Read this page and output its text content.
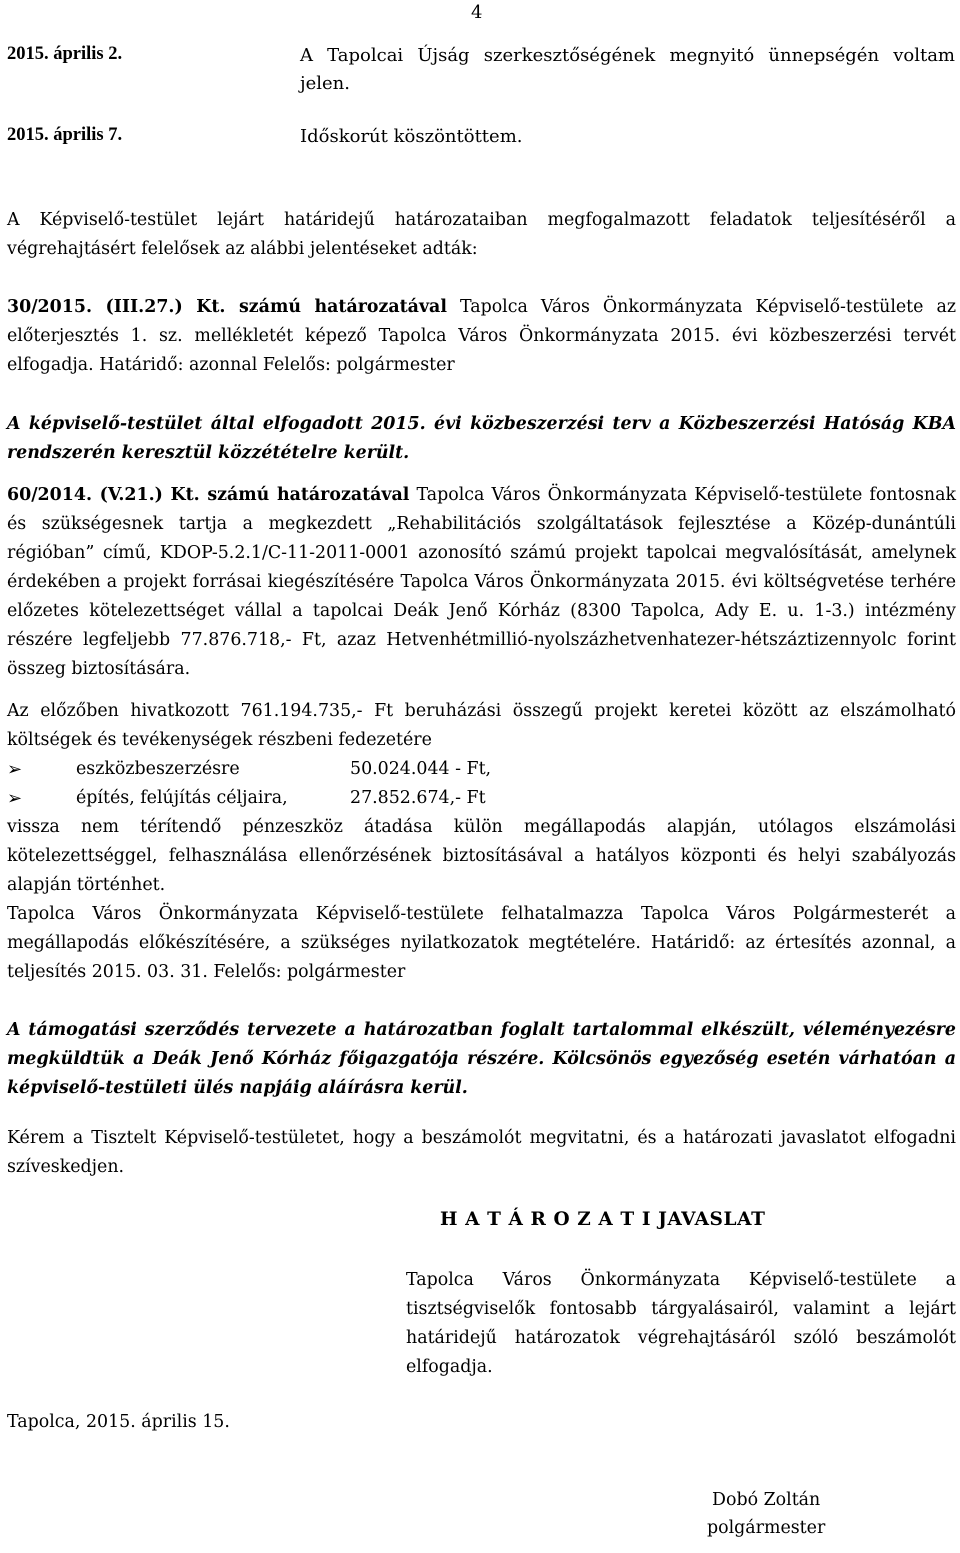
4
2015. április 2.	A Tapolcai Újság szerkesztőségének megnyitó ünnepségén voltam jelen.
2015. április 7.	Időskorút köszöntöttem.
A Képviselő-testület lejárt határidejű határozataiban megfogalmazott feladatok teljesítéséről a végrehajtásért felelősek az alábbi jelentéseket adták:
30/2015. (III.27.) Kt. számú határozatával Tapolca Város Önkormányzata Képviselő-testülete az előterjesztés 1. sz. mellékletét képező Tapolca Város Önkormányzata 2015. évi közbeszerzési tervét elfogadja. Határidő: azonnal Felelős: polgármester
A képviselő-testület által elfogadott 2015. évi közbeszerzési terv a Közbeszerzési Hatóság KBA rendszerén keresztül közzétételre került.
60/2014. (V.21.) Kt. számú határozatával Tapolca Város Önkormányzata Képviselő-testülete fontosnak és szükségesnek tartja a megkezdett „Rehabilitációs szolgáltatások fejlesztése a Közép-dunántúli régióban” című, KDOP-5.2.1/C-11-2011-0001 azonosító számú projekt tapolcai megvalósítását, amelynek érdekében a projekt forrásai kiegészítésére Tapolca Város Önkormányzata 2015. évi költségvetése terhére előzetes kötelezettséget vállal a tapolcai Deák Jenő Kórház (8300 Tapolca, Ady E. u. 1-3.) intézmény részére legfeljebb 77.876.718,- Ft, azaz Hetvenhétmillió-nyolszázhetvenhatezer-hétszáztizennyolc forint összeg biztosítására.
Az előzőben hivatkozott 761.194.735,- Ft beruházási összegű projekt keretei között az elszámolható költségek és tevékenységek részbeni fedezetére
➢	eszközbeszerzésre	50.024.044 - Ft,
➢	építés, felújítás céljaira,	27.852.674,- Ft
vissza nem térítendő pénzeszköz átadása külön megállapodás alapján, utólagos elszámolási kötelezettséggel, felhasználása ellenőrzésének biztosításával a hatályos központi és helyi szabályozás alapján történhet.
Tapolca Város Önkormányzata Képviselő-testülete felhatalmazza Tapolca Város Polgármesterét a megállapodás előkészítésére, a szükséges nyilatkozatok megtételére. Határidő: az értesítés azonnal, a teljesítés 2015. 03. 31. Felelős: polgármester
A támogatási szerződés tervezete a határozatban foglalt tartalommal elkészült, véleményezésre megküldtük a Deák Jenő Kórház főigazgatója részére. Kölcsönös egyezőség esetén várhatóan a képviselő-testületi ülés napjáig aláírásra kerül.
Kérem a Tisztelt Képviselő-testületet, hogy a beszámolót megvitatni, és a határozati javaslatot elfogadni szíveskedjen.
H A T Á R O Z A T I JAVASLAT
Tapolca Város Önkormányzata Képviselő-testülete a tisztségviselők fontosabb tárgyalásairól, valamint a lejárt határidejű határozatok végrehajtásáról szóló beszámolót elfogadja.
Tapolca, 2015. április 15.
Dobó Zoltán
polgármester
